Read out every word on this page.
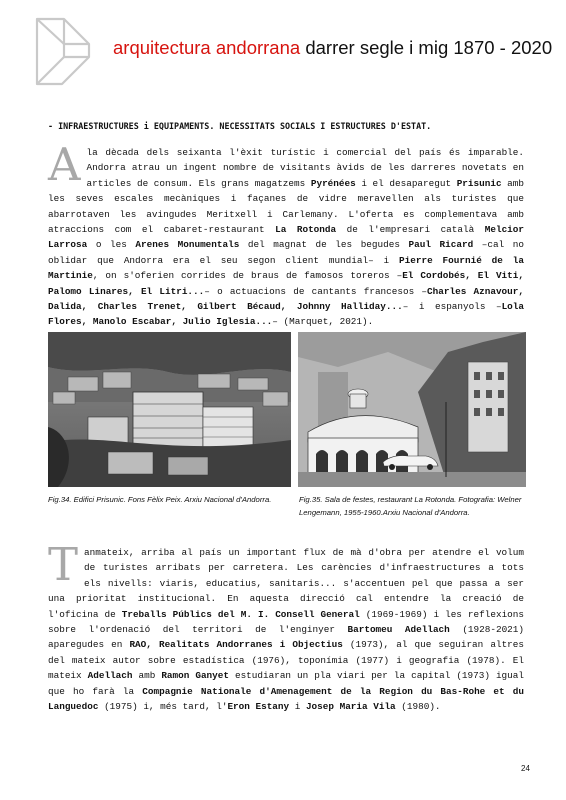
arquitectura andorrana darrer segle i mig 1870 - 2020
- INFRAESTRUCTURES i EQUIPAMENTS. NECESSITATS SOCIALS I ESTRUCTURES D'ESTAT.
Ala dècada dels seixanta l'èxit turístic i comercial del país és imparable. Andorra atrau un ingent nombre de visitants àvids de les darreres novetats en articles de consum. Els grans magatzems Pyrénées i el desaparegut Prisunic amb les seves escales mecàniques i façanes de vidre meravellen als turistes que abarrotaven les avingudes Meritxell i Carlemany. L'oferta es complementava amb atraccions com el cabaret-restaurant La Rotonda de l'empresari català Melcior Larrosa o les Arenes Monumentals del magnat de les begudes Paul Ricard –cal no oblidar que Andorra era el seu segon client mundial– i Pierre Fournié de la Martinie, on s'oferien corrides de braus de famosos toreros –El Cordobés, El Viti, Palomo Linares, El Litri...– o actuacions de cantants francesos –Charles Aznavour, Dalida, Charles Trenet, Gilbert Bécaud, Johnny Halliday...– i espanyols –Lola Flores, Manolo Escabar, Julio Iglesia...– (Marquet, 2021).
Fig.34. Edifici Prisunic. Fons Fèlix Peix. Arxiu Nacional d'Andorra.	Fig.35. Sala de festes, restaurant La Rotonda. Fotografia: Welner Lengemann, 1955-1960.Arxiu Nacional d'Andorra.
Tanmateix, arriba al país un important flux de mà d'obra per atendre el volum de turistes arribats per carretera. Les carències d'infraestructures a tots els nivells: viaris, educatius, sanitaris... s'accentuen pel que passa a ser una prioritat institucional. En aquesta direcció cal entendre la creació de l'oficina de Treballs Públics del M. I. Consell General (1969-1969) i les reflexions sobre l'ordenació del territori de l'enginyer Bartomeu Adellach (1928-2021) aparegudes en RAO, Realitats Andorranes i Objectius (1973), al que seguiran altres del mateix autor sobre estadística (1976), toponímia (1977) i geografia (1978). El mateix Adellach amb Ramon Ganyet estudiaran un pla viari per la capital (1973) igual que ho farà la Compagnie Nationale d'Amenagement de la Region du Bas-Rohe et du Languedoc (1975) i, més tard, l'Eron Estany i Josep Maria Vila (1980).
24
